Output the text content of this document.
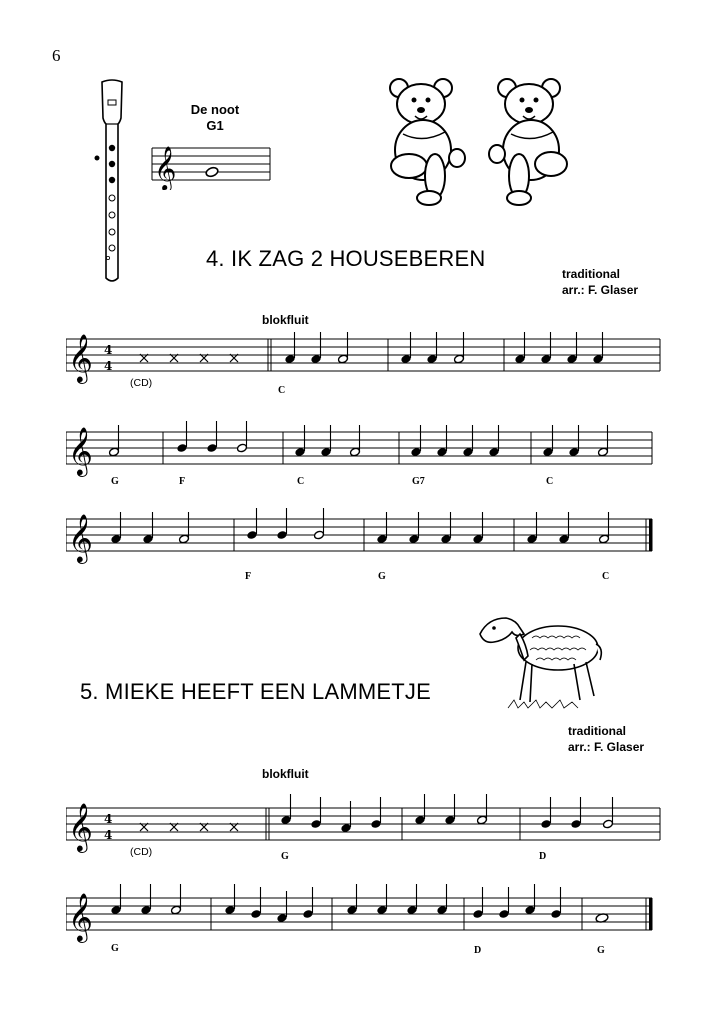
6
De noot
G1
𝄞
4. IK ZAG 2 HOUSEBEREN
traditional
arr.: F. Glaser
blokfluit
𝄞 4
4
(CD)
C
𝄞
G	F	C	G7	C
𝄞
F	G	C
5. MIEKE HEEFT EEN LAMMETJE
traditional
arr.: F. Glaser
blokfluit
𝄞 4
4
(CD)	G	D
𝄞
G	D	G
